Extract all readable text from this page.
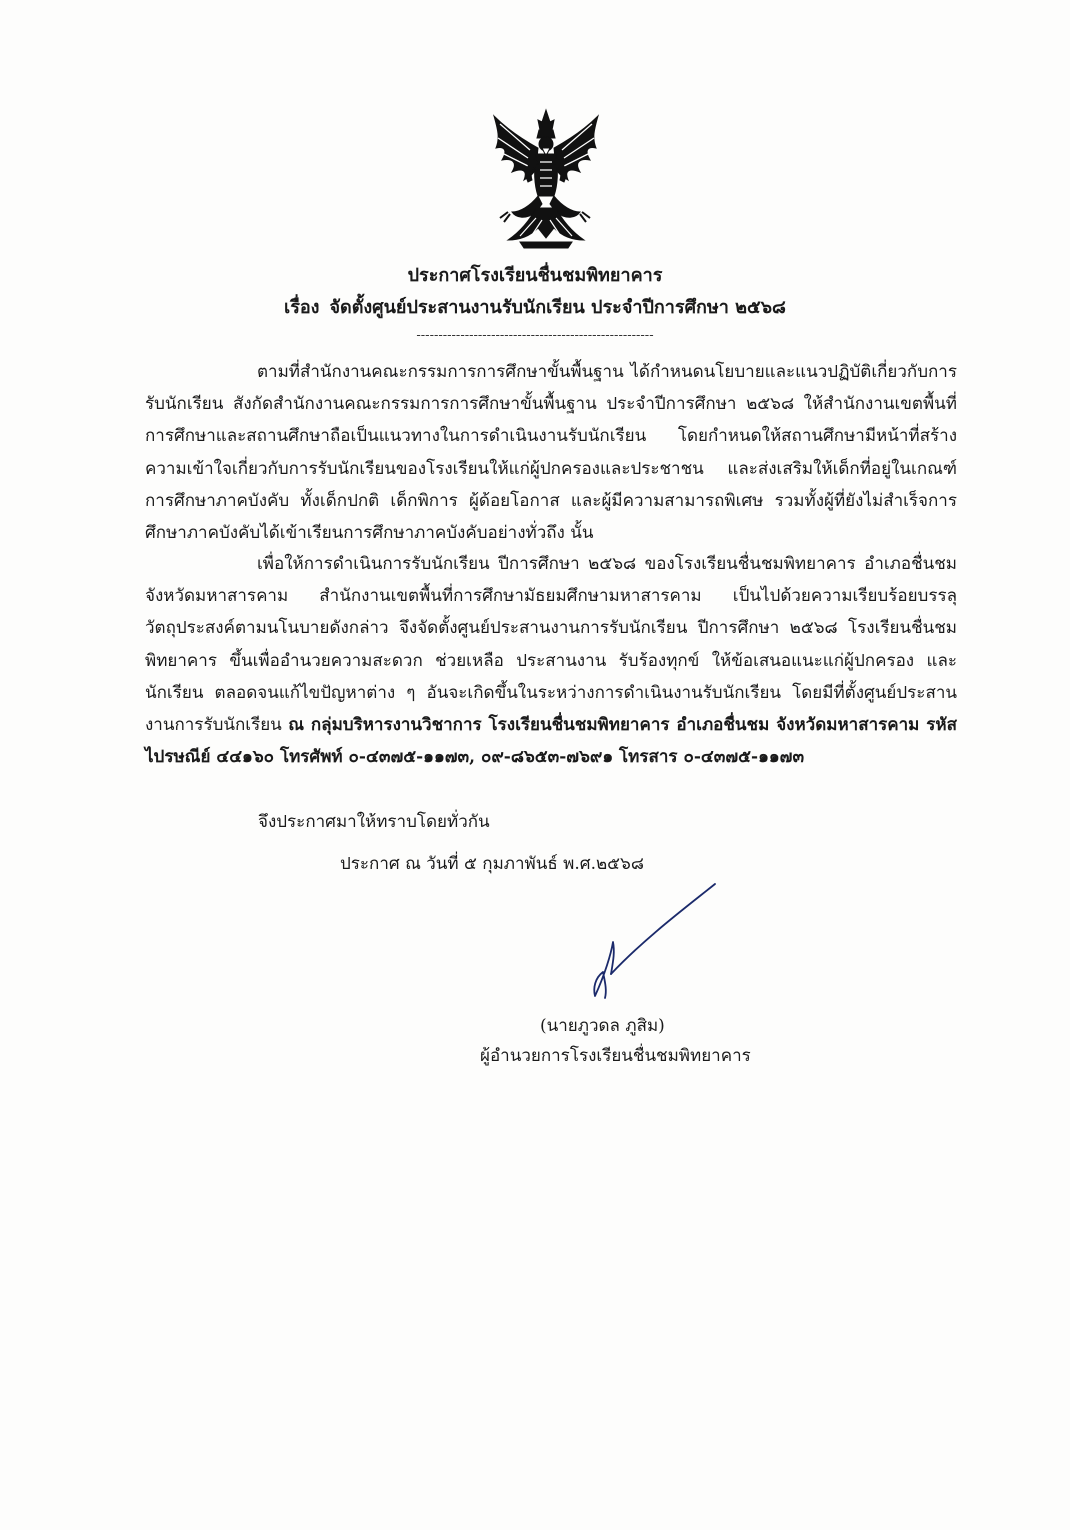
ประกาศโรงเรียนชื่นชมพิทยาคาร
เรื่อง จัดตั้งศูนย์ประสานงานรับนักเรียน ประจำปีการศึกษา ๒๕๖๘
------------------------------------------------------
ตามที่สำนักงานคณะกรรมการการศึกษาขั้นพื้นฐาน ได้กำหนดนโยบายและแนวปฏิบัติเกี่ยวกับการรับนักเรียน สังกัดสำนักงานคณะกรรมการการศึกษาขั้นพื้นฐาน ประจำปีการศึกษา ๒๕๖๘ ให้สำนักงานเขตพื้นที่การศึกษาและสถานศึกษาถือเป็นแนวทางในการดำเนินงานรับนักเรียน โดยกำหนดให้สถานศึกษามีหน้าที่สร้างความเข้าใจเกี่ยวกับการรับนักเรียนของโรงเรียนให้แก่ผู้ปกครองและประชาชน และส่งเสริมให้เด็กที่อยู่ในเกณฑ์การศึกษาภาคบังคับ ทั้งเด็กปกติ เด็กพิการ ผู้ด้อยโอกาส และผู้มีความสามารถพิเศษ รวมทั้งผู้ที่ยังไม่สำเร็จการศึกษาภาคบังคับได้เข้าเรียนการศึกษาภาคบังคับอย่างทั่วถึง นั้น
เพื่อให้การดำเนินการรับนักเรียน ปีการศึกษา ๒๕๖๘ ของโรงเรียนชื่นชมพิทยาคาร อำเภอชื่นชม จังหวัดมหาสารคาม สำนักงานเขตพื้นที่การศึกษามัธยมศึกษามหาสารคาม เป็นไปด้วยความเรียบร้อยบรรลุวัตถุประสงค์ตามนโนบายดังกล่าว จึงจัดตั้งศูนย์ประสานงานการรับนักเรียน ปีการศึกษา ๒๕๖๘ โรงเรียนชื่นชมพิทยาคาร ขึ้นเพื่ออำนวยความสะดวก ช่วยเหลือ ประสานงาน รับร้องทุกข์ ให้ข้อเสนอแนะแก่ผู้ปกครอง และนักเรียน ตลอดจนแก้ไขปัญหาต่าง ๆ อันจะเกิดขึ้นในระหว่างการดำเนินงานรับนักเรียน โดยมีที่ตั้งศูนย์ประสานงานการรับนักเรียน ณ กลุ่มบริหารงานวิชาการ โรงเรียนชื่นชมพิทยาคาร อำเภอชื่นชม จังหวัดมหาสารคาม รหัสไปรษณีย์ ๔๔๑๖๐ โทรศัพท์ ๐-๔๓๗๕-๑๑๗๓, ๐๙-๘๖๕๓-๗๖๙๑ โทรสาร ๐-๔๓๗๕-๑๑๗๓
จึงประกาศมาให้ทราบโดยทั่วกัน
ประกาศ ณ วันที่ ๕ กุมภาพันธ์ พ.ศ.๒๕๖๘
(นายภูวดล ภูสิม)
ผู้อำนวยการโรงเรียนชื่นชมพิทยาคาร
